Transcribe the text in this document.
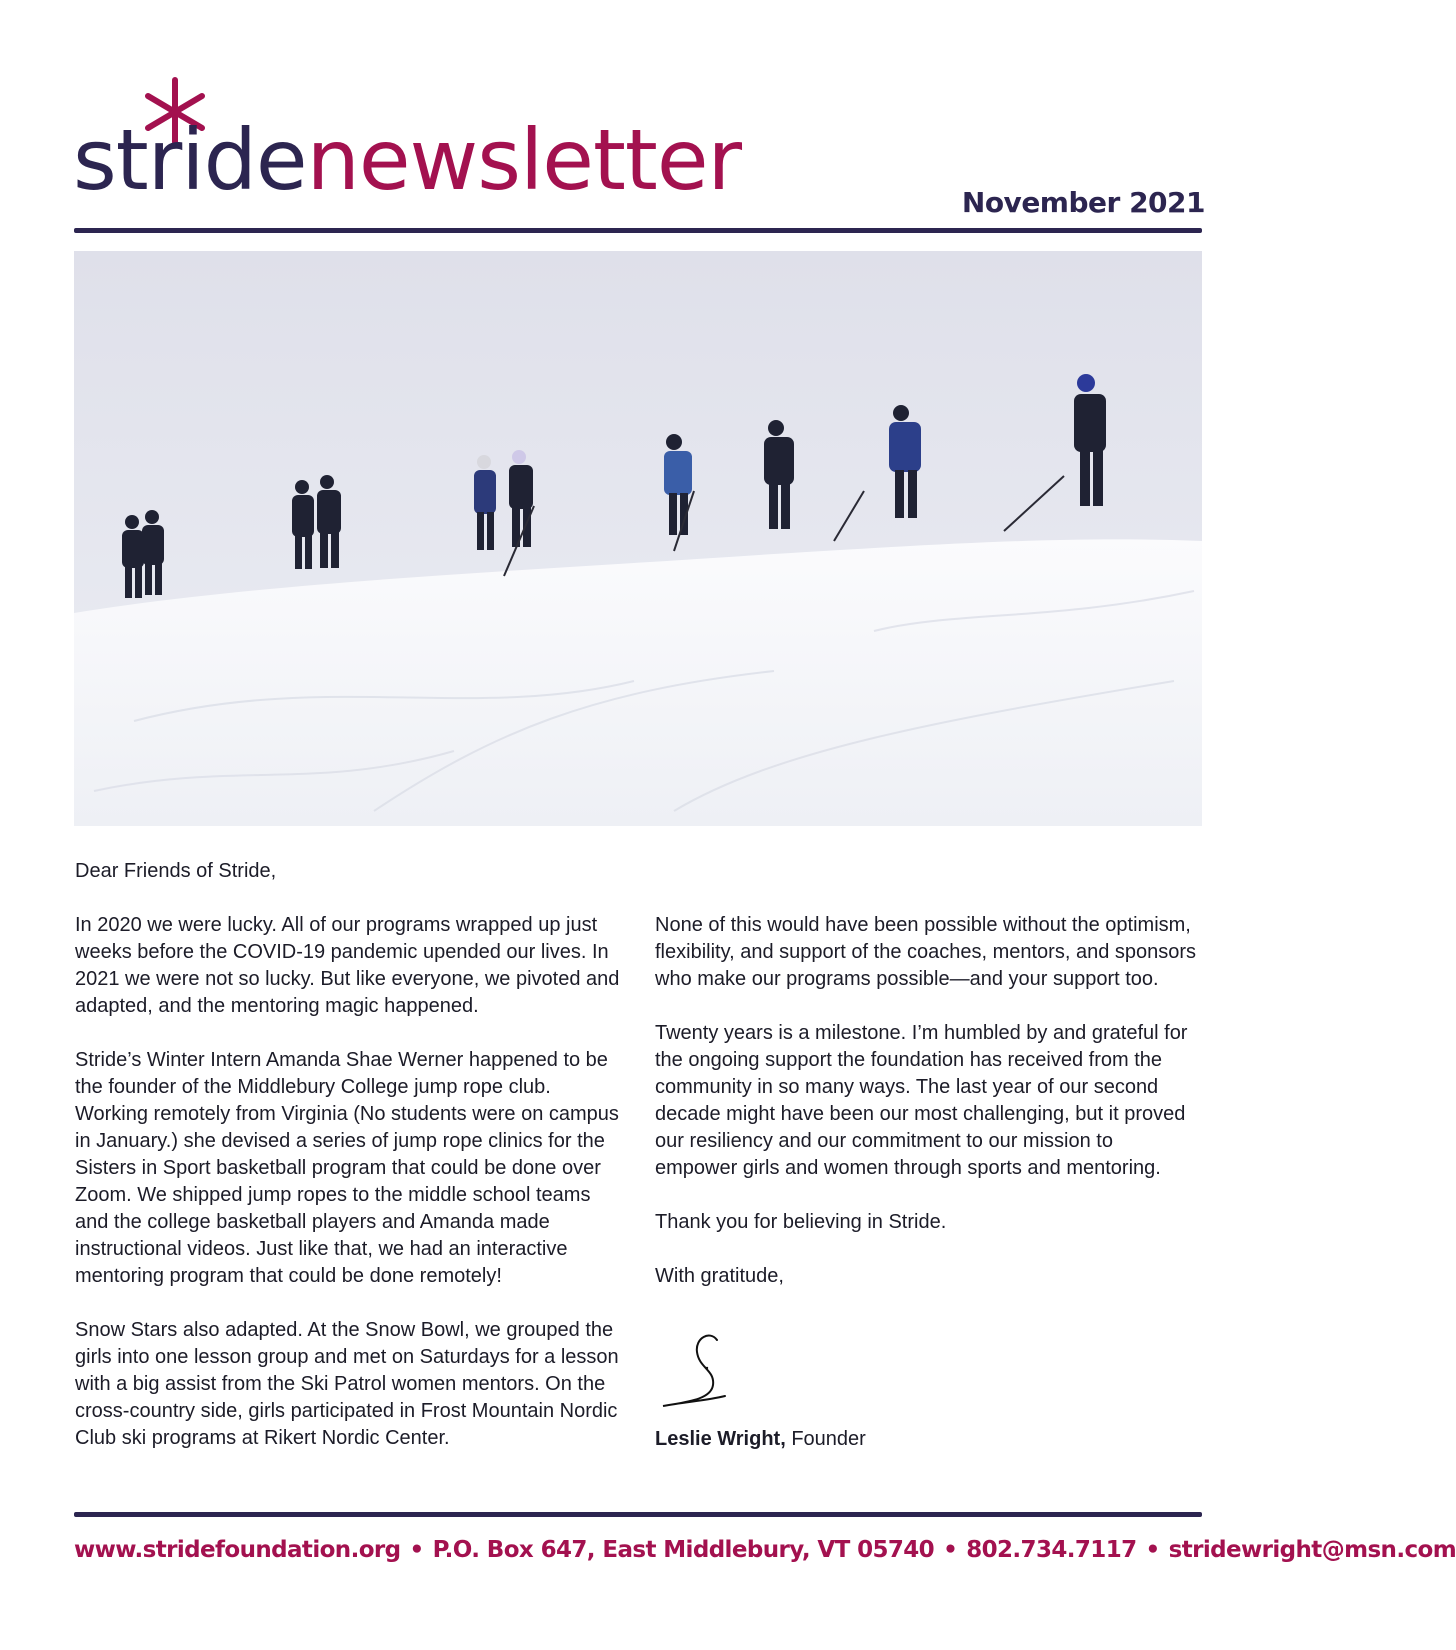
stridenewsletter	November 2021
Dear Friends of Stride,

In 2020 we were lucky. All of our programs wrapped up just weeks before the COVID-19 pandemic upended our lives. In 2021 we were not so lucky. But like everyone, we pivoted and adapted, and the mentoring magic happened.

Stride’s Winter Intern Amanda Shae Werner happened to be the founder of the Middlebury College jump rope club. Working remotely from Virginia (No students were on campus in January.) she devised a series of jump rope clinics for the Sisters in Sport basketball program that could be done over Zoom. We shipped jump ropes to the middle school teams and the college basketball players and Amanda made instructional videos. Just like that, we had an interactive mentoring program that could be done remotely!

Snow Stars also adapted. At the Snow Bowl, we grouped the girls into one lesson group and met on Saturdays for a lesson with a big assist from the Ski Patrol women mentors. On the cross-country side, girls participated in Frost Mountain Nordic Club ski programs at Rikert Nordic Center.

None of this would have been possible without the optimism, flexibility, and support of the coaches, mentors, and sponsors who make our programs possible—and your support too.

Twenty years is a milestone. I’m humbled by and grateful for the ongoing support the foundation has received from the community in so many ways. The last year of our second decade might have been our most challenging, but it proved our resiliency and our commitment to our mission to empower girls and women through sports and mentoring.

Thank you for believing in Stride.

With gratitude,

Leslie Wright, Founder
www.stridefoundation.org • P.O. Box 647, East Middlebury, VT 05740 • 802.734.7117 • stridewright@msn.com
